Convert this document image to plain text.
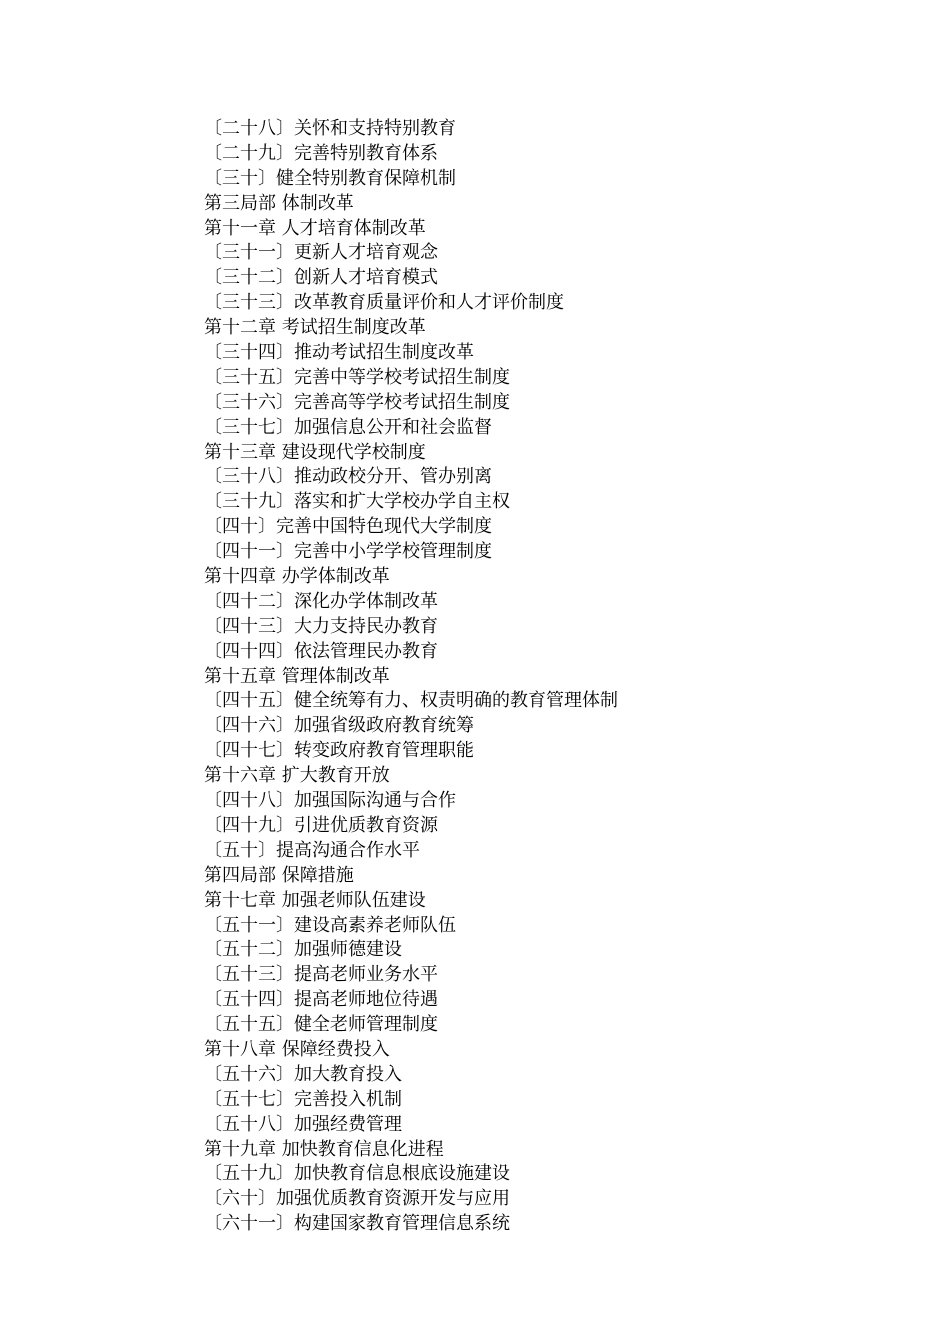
〔二十八〕关怀和支持特别教育
〔二十九〕完善特别教育体系
〔三十〕健全特别教育保障机制
第三局部 体制改革
第十一章 人才培育体制改革
〔三十一〕更新人才培育观念
〔三十二〕创新人才培育模式
〔三十三〕改革教育质量评价和人才评价制度
第十二章 考试招生制度改革
〔三十四〕推动考试招生制度改革
〔三十五〕完善中等学校考试招生制度
〔三十六〕完善高等学校考试招生制度
〔三十七〕加强信息公开和社会监督
第十三章 建设现代学校制度
〔三十八〕推动政校分开、管办别离
〔三十九〕落实和扩大学校办学自主权
〔四十〕完善中国特色现代大学制度
〔四十一〕完善中小学学校管理制度
第十四章 办学体制改革
〔四十二〕深化办学体制改革
〔四十三〕大力支持民办教育
〔四十四〕依法管理民办教育
第十五章 管理体制改革
〔四十五〕健全统筹有力、权责明确的教育管理体制
〔四十六〕加强省级政府教育统筹
〔四十七〕转变政府教育管理职能
第十六章 扩大教育开放
〔四十八〕加强国际沟通与合作
〔四十九〕引进优质教育资源
〔五十〕提高沟通合作水平
第四局部 保障措施
第十七章 加强老师队伍建设
〔五十一〕建设高素养老师队伍
〔五十二〕加强师德建设
〔五十三〕提高老师业务水平
〔五十四〕提高老师地位待遇
〔五十五〕健全老师管理制度
第十八章 保障经费投入
〔五十六〕加大教育投入
〔五十七〕完善投入机制
〔五十八〕加强经费管理
第十九章 加快教育信息化进程
〔五十九〕加快教育信息根底设施建设
〔六十〕加强优质教育资源开发与应用
〔六十一〕构建国家教育管理信息系统
